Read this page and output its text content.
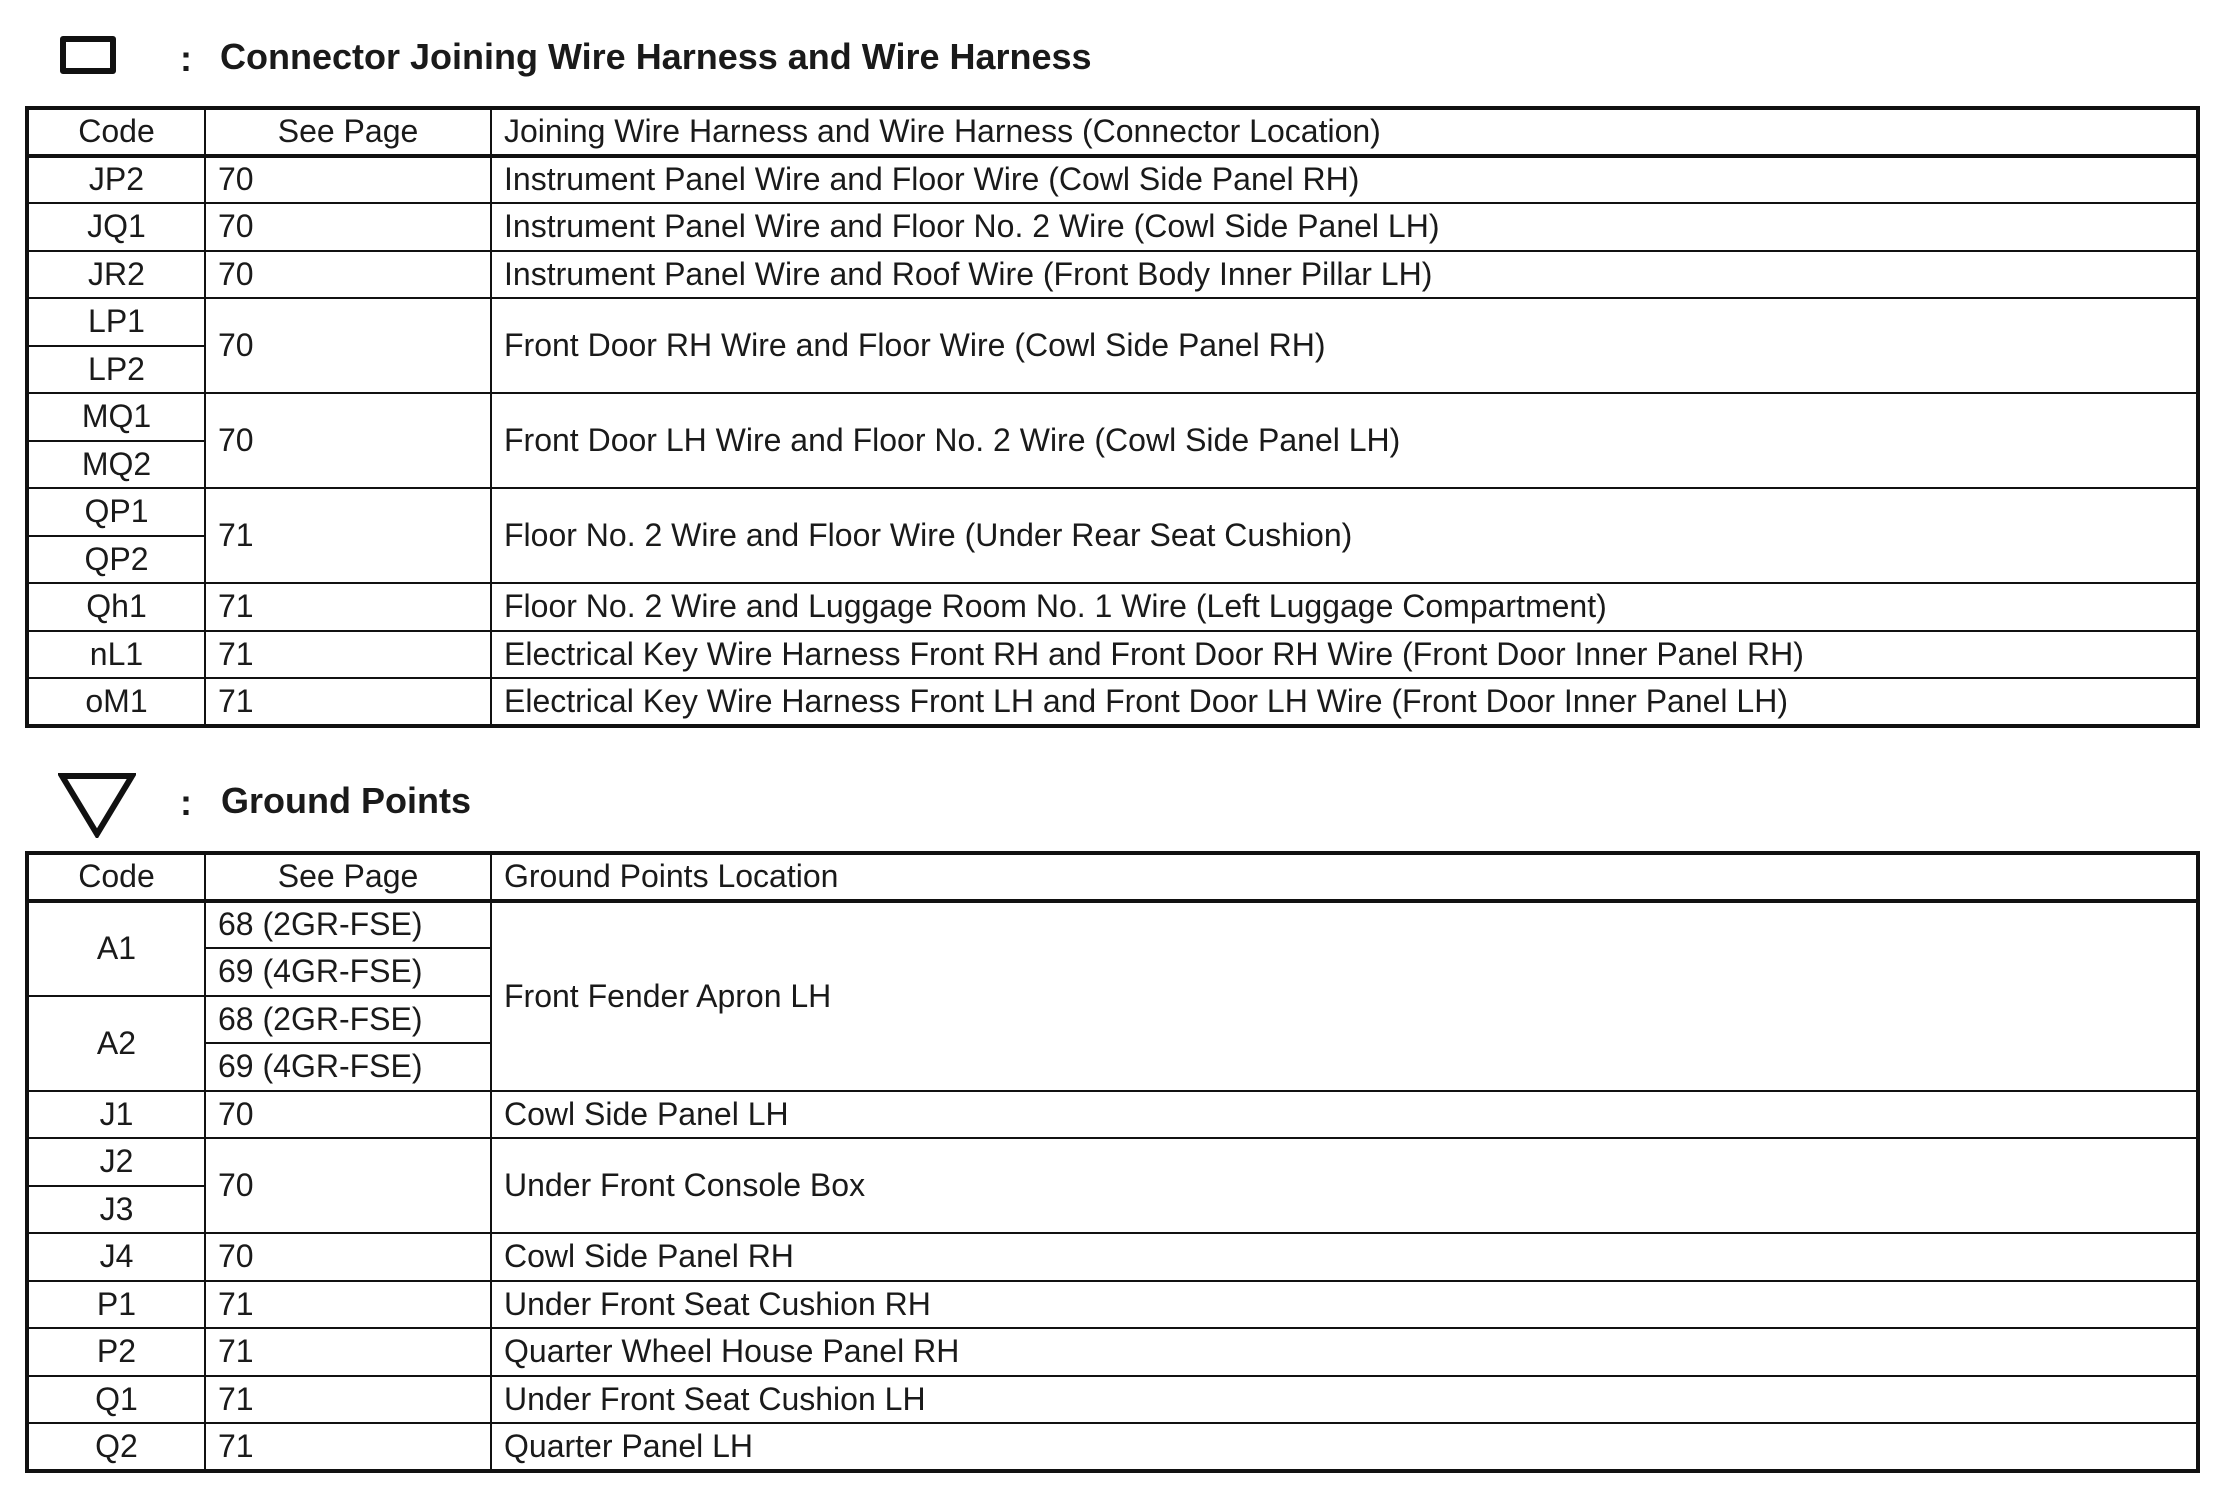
: Connector Joining Wire Harness and Wire Harness
Code	See Page	Joining Wire Harness and Wire Harness (Connector Location)
JP2	70	Instrument Panel Wire and Floor Wire (Cowl Side Panel RH)
JQ1	70	Instrument Panel Wire and Floor No. 2 Wire (Cowl Side Panel LH)
JR2	70	Instrument Panel Wire and Roof Wire (Front Body Inner Pillar LH)
LP1	70	Front Door RH Wire and Floor Wire (Cowl Side Panel RH)
LP2		
MQ1	70	Front Door LH Wire and Floor No. 2 Wire (Cowl Side Panel LH)
MQ2		
QP1	71	Floor No. 2 Wire and Floor Wire (Under Rear Seat Cushion)
QP2		
Qh1	71	Floor No. 2 Wire and Luggage Room No. 1 Wire (Left Luggage Compartment)
nL1	71	Electrical Key Wire Harness Front RH and Front Door RH Wire (Front Door Inner Panel RH)
oM1	71	Electrical Key Wire Harness Front LH and Front Door LH Wire (Front Door Inner Panel LH)
: Ground Points
Code	See Page	Ground Points Location
A1	68 (2GR-FSE)	Front Fender Apron LH
	69 (4GR-FSE)	
A2	68 (2GR-FSE)	
	69 (4GR-FSE)	
J1	70	Cowl Side Panel LH
J2	70	Under Front Console Box
J3		
J4	70	Cowl Side Panel RH
P1	71	Under Front Seat Cushion RH
P2	71	Quarter Wheel House Panel RH
Q1	71	Under Front Seat Cushion LH
Q2	71	Quarter Panel LH
